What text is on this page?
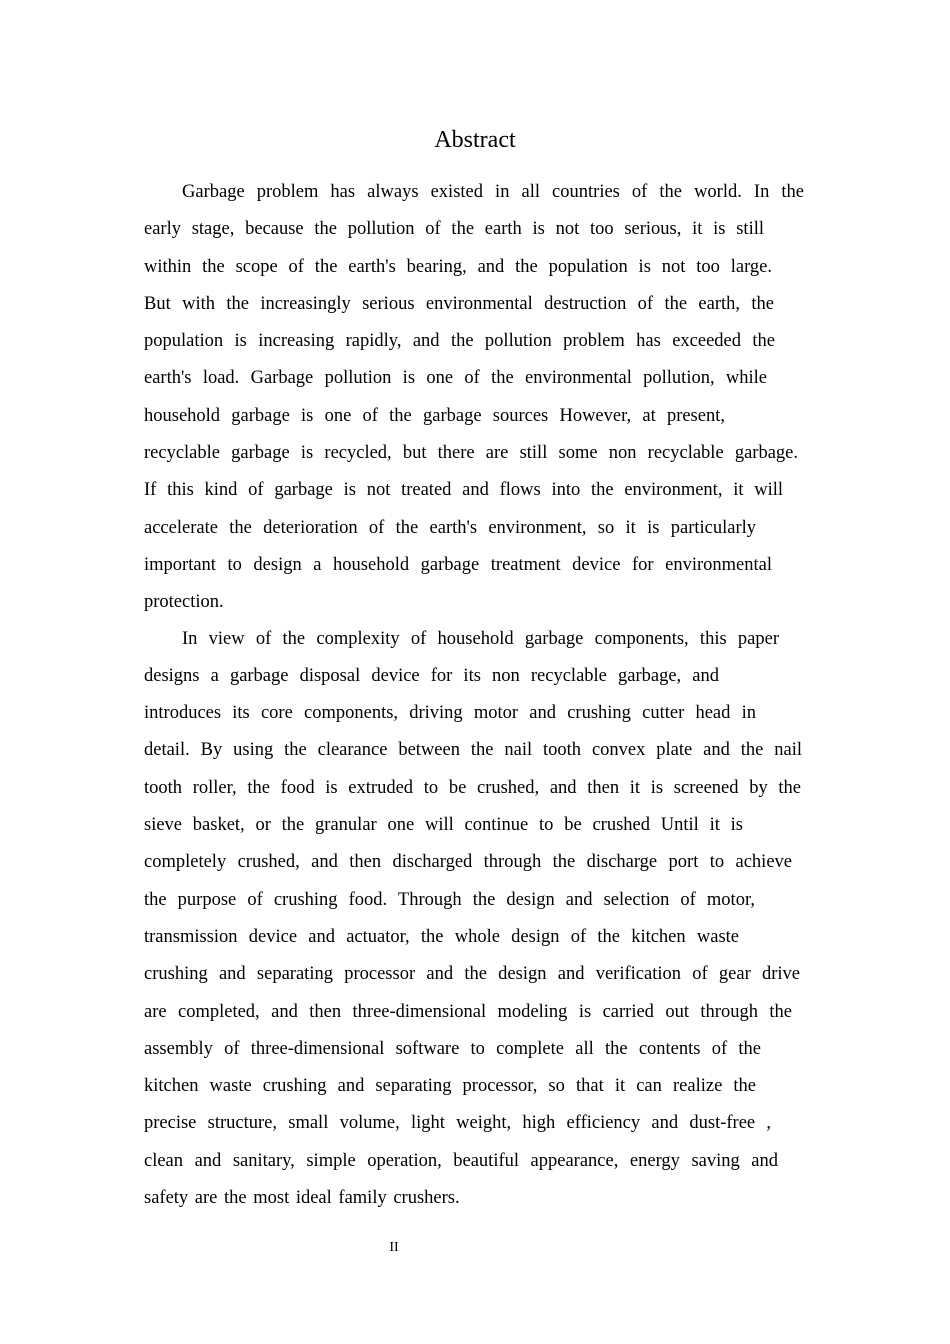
Abstract
Garbage problem has always existed in all countries of the world. In the
early stage, because the pollution of the earth is not too serious, it is still
within the scope of the earth's bearing, and the population is not too large.
But with the increasingly serious environmental destruction of the earth, the
population is increasing rapidly, and the pollution problem has exceeded the
earth's load. Garbage pollution is one of the environmental pollution, while
household garbage is one of the garbage sources However, at present,
recyclable garbage is recycled, but there are still some non recyclable garbage.
If this kind of garbage is not treated and flows into the environment, it will
accelerate the deterioration of the earth's environment, so it is particularly
important to design a household garbage treatment device for environmental
protection.
In view of the complexity of household garbage components, this paper
designs a garbage disposal device for its non recyclable garbage, and
introduces its core components, driving motor and crushing cutter head in
detail. By using the clearance between the nail tooth convex plate and the nail
tooth roller, the food is extruded to be crushed, and then it is screened by the
sieve basket, or the granular one will continue to be crushed Until it is
completely crushed, and then discharged through the discharge port to achieve
the purpose of crushing food. Through the design and selection of motor,
transmission device and actuator, the whole design of the kitchen waste
crushing and separating processor and the design and verification of gear drive
are completed, and then three-dimensional modeling is carried out through the
assembly of three-dimensional software to complete all the contents of the
kitchen waste crushing and separating processor, so that it can realize the
precise structure, small volume, light weight, high efficiency and dust-free ,
clean and sanitary, simple operation, beautiful appearance, energy saving and
safety are the most ideal family crushers.
II
